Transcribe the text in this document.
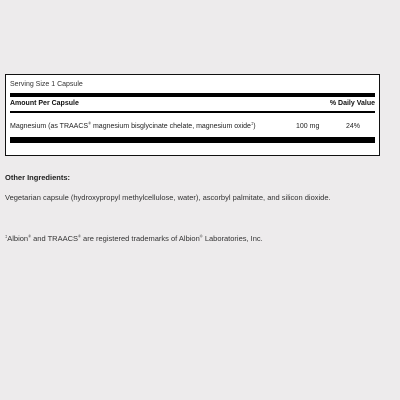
Serving Size 1 Capsule
Amount Per Capsule	% Daily Value
Magnesium (as TRAACS® magnesium bisglycinate chelate, magnesium oxide‡)	100 mg	24%
Other Ingredients:
Vegetarian capsule (hydroxypropyl methylcellulose, water), ascorbyl palmitate, and silicon dioxide.
‡Albion® and TRAACS® are registered trademarks of Albion® Laboratories, Inc.
